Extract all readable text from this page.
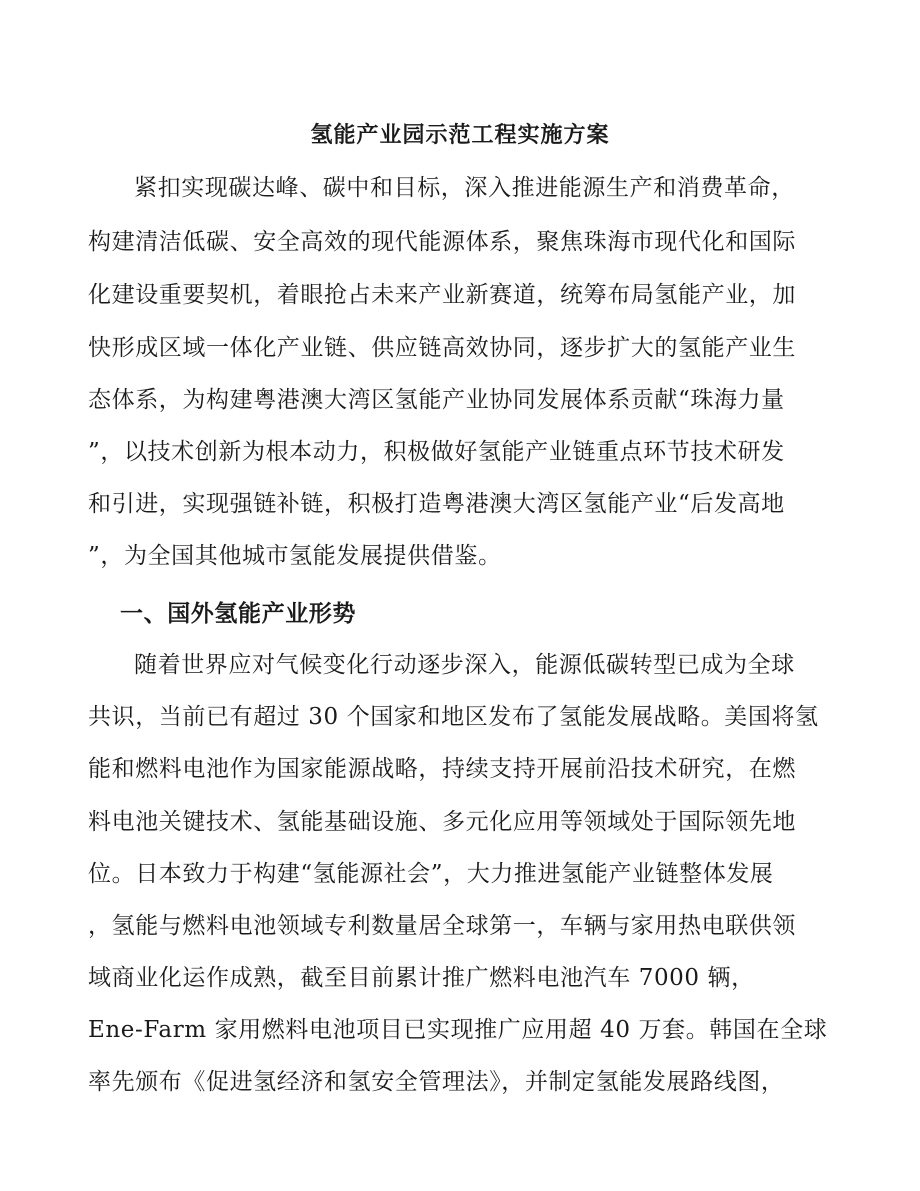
氢能产业园示范工程实施方案

紧扣实现碳达峰、碳中和目标，深入推进能源生产和消费革命，

构建清洁低碳、安全高效的现代能源体系，聚焦珠海市现代化和国际

化建设重要契机，着眼抢占未来产业新赛道，统筹布局氢能产业，加

快形成区域一体化产业链、供应链高效协同，逐步扩大的氢能产业生

态体系，为构建粤港澳大湾区氢能产业协同发展体系贡献“珠海力量

”，以技术创新为根本动力，积极做好氢能产业链重点环节技术研发

和引进，实现强链补链，积极打造粤港澳大湾区氢能产业“后发高地

”，为全国其他城市氢能发展提供借鉴。

一、国外氢能产业形势

随着世界应对气候变化行动逐步深入，能源低碳转型已成为全球

共识，当前已有超过 30 个国家和地区发布了氢能发展战略。美国将氢

能和燃料电池作为国家能源战略，持续支持开展前沿技术研究，在燃

料电池关键技术、氢能基础设施、多元化应用等领域处于国际领先地

位。日本致力于构建“氢能源社会”，大力推进氢能产业链整体发展

，氢能与燃料电池领域专利数量居全球第一，车辆与家用热电联供领

域商业化运作成熟，截至目前累计推广燃料电池汽车 7000 辆，

Ene-Farm 家用燃料电池项目已实现推广应用超 40 万套。韩国在全球

率先颁布《促进氢经济和氢安全管理法》，并制定氢能发展路线图，
